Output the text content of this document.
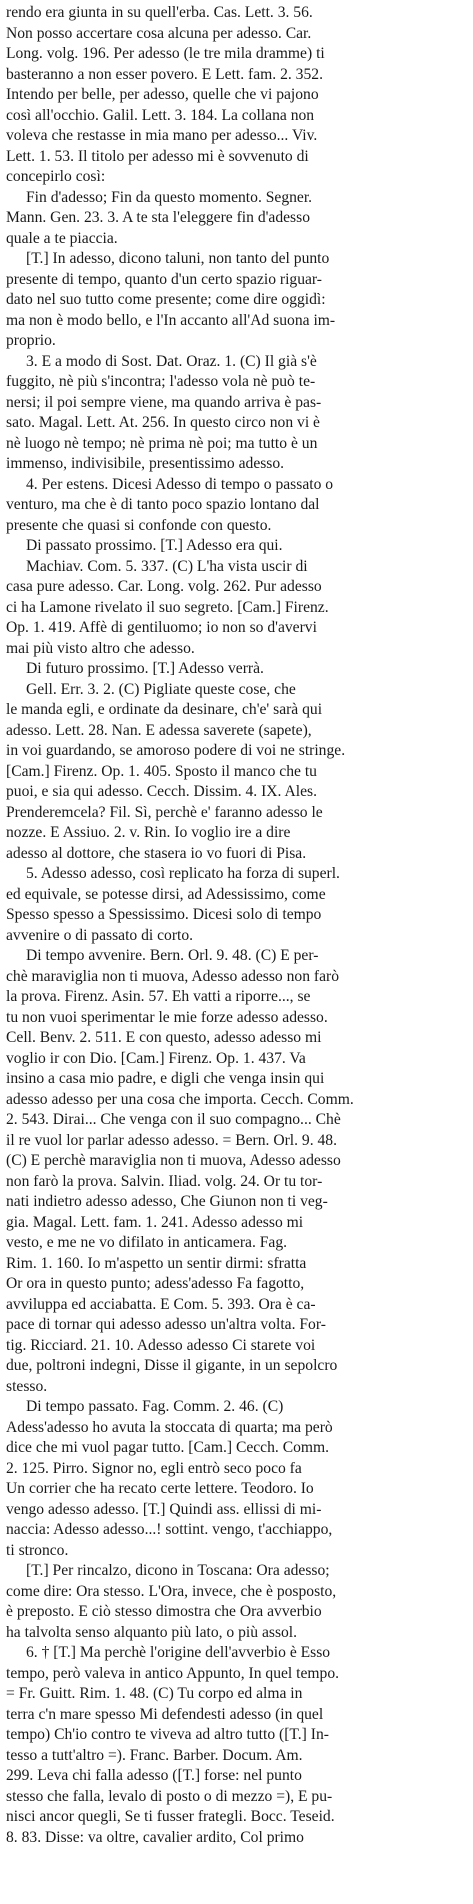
rendo era giunta in su quell'erba. Cas. Lett. 3. 56.
Non posso accertare cosa alcuna per adesso. Car.
Long. volg. 196. Per adesso (le tre mila dramme) ti
basteranno a non esser povero. E Lett. fam. 2. 352.
Intendo per belle, per adesso, quelle che vi pajono
così all'occhio. Galil. Lett. 3. 184. La collana non
voleva che restasse in mia mano per adesso... Viv.
Lett. 1. 53. Il titolo per adesso mi è sovvenuto di
concepirlo così:
Fin d'adesso; Fin da questo momento. Segner.
Mann. Gen. 23. 3. A te sta l'eleggere fin d'adesso
quale a te piaccia.
[T.] In adesso, dicono taluni, non tanto del punto
presente di tempo, quanto d'un certo spazio riguar-
dato nel suo tutto come presente; come dire oggidì:
ma non è modo bello, e l'In accanto all'Ad suona im-
proprio.
3. E a modo di Sost. Dat. Oraz. 1. (C) Il già s'è
fuggito, nè più s'incontra; l'adesso vola nè può te-
nersi; il poi sempre viene, ma quando arriva è pas-
sato. Magal. Lett. At. 256. In questo circo non vi è
nè luogo nè tempo; nè prima nè poi; ma tutto è un
immenso, indivisibile, presentissimo adesso.
4. Per estens. Dicesi Adesso di tempo o passato o
venturo, ma che è di tanto poco spazio lontano dal
presente che quasi si confonde con questo.
Di passato prossimo. [T.] Adesso era qui.
Machiav. Com. 5. 337. (C) L'ha vista uscir di
casa pure adesso. Car. Long. volg. 262. Pur adesso
ci ha Lamone rivelato il suo segreto. [Cam.] Firenz.
Op. 1. 419. Affè di gentiluomo; io non so d'avervi
mai più visto altro che adesso.
Di futuro prossimo. [T.] Adesso verrà.
Gell. Err. 3. 2. (C) Pigliate queste cose, che
le manda egli, e ordinate da desinare, ch'e' sarà qui
adesso. Lett. 28. Nan. E adessa saverete (sapete),
in voi guardando, se amoroso podere di voi ne stringe.
[Cam.] Firenz. Op. 1. 405. Sposto il manco che tu
puoi, e sia qui adesso. Cecch. Dissim. 4. IX. Ales.
Prenderemcela? Fil. Sì, perchè e' faranno adesso le
nozze. E Assiuo. 2. v. Rin. Io voglio ire a dire
adesso al dottore, che stasera io vo fuori di Pisa.
5. Adesso adesso, così replicato ha forza di superl.
ed equivale, se potesse dirsi, ad Adessissimo, come
Spesso spesso a Spessissimo. Dicesi solo di tempo
avvenire o di passato di corto.
Di tempo avvenire. Bern. Orl. 9. 48. (C) E per-
chè maraviglia non ti muova, Adesso adesso non farò
la prova. Firenz. Asin. 57. Eh vatti a riporre..., se
tu non vuoi sperimentar le mie forze adesso adesso.
Cell. Benv. 2. 511. E con questo, adesso adesso mi
voglio ir con Dio. [Cam.] Firenz. Op. 1. 437. Va
insino a casa mio padre, e digli che venga insin qui
adesso adesso per una cosa che importa. Cecch. Comm.
2. 543. Dirai... Che venga con il suo compagno... Chè
il re vuol lor parlar adesso adesso. = Bern. Orl. 9. 48.
(C) E perchè maraviglia non ti muova, Adesso adesso
non farò la prova. Salvin. Iliad. volg. 24. Or tu tor-
nati indietro adesso adesso, Che Giunon non ti veg-
gia. Magal. Lett. fam. 1. 241. Adesso adesso mi
vesto, e me ne vo difilato in anticamera. Fag.
Rim. 1. 160. Io m'aspetto un sentir dirmi: sfratta
Or ora in questo punto; adess'adesso Fa fagotto,
avviluppa ed acciabatta. E Com. 5. 393. Ora è ca-
pace di tornar qui adesso adesso un'altra volta. For-
tig. Ricciard. 21. 10. Adesso adesso Ci starete voi
due, poltroni indegni, Disse il gigante, in un sepolcro
stesso.
Di tempo passato. Fag. Comm. 2. 46. (C)
Adess'adesso ho avuta la stoccata di quarta; ma però
dice che mi vuol pagar tutto. [Cam.] Cecch. Comm.
2. 125. Pirro. Signor no, egli entrò seco poco fa
Un corrier che ha recato certe lettere. Teodoro. Io
vengo adesso adesso. [T.] Quindi ass. ellissi di mi-
naccia: Adesso adesso...! sottint. vengo, t'acchiappo,
ti stronco.
[T.] Per rincalzo, dicono in Toscana: Ora adesso;
come dire: Ora stesso. L'Ora, invece, che è posposto,
è preposto. E ciò stesso dimostra che Ora avverbio
ha talvolta senso alquanto più lato, o più assol.
6. † [T.] Ma perchè l'origine dell'avverbio è Esso
tempo, però valeva in antico Appunto, In quel tempo.
= Fr. Guitt. Rim. 1. 48. (C) Tu corpo ed alma in
terra c'n mare spesso Mi defendesti adesso (in quel
tempo) Ch'io contro te viveva ad altro tutto ([T.] In-
tesso a tutt'altro =). Franc. Barber. Docum. Am.
299. Leva chi falla adesso ([T.] forse: nel punto
stesso che falla, levalo di posto o di mezzo =), E pu-
nisci ancor quegli, Se ti fusser frategli. Bocc. Teseid.
8. 83. Disse: va oltre, cavalier ardito, Col primo
